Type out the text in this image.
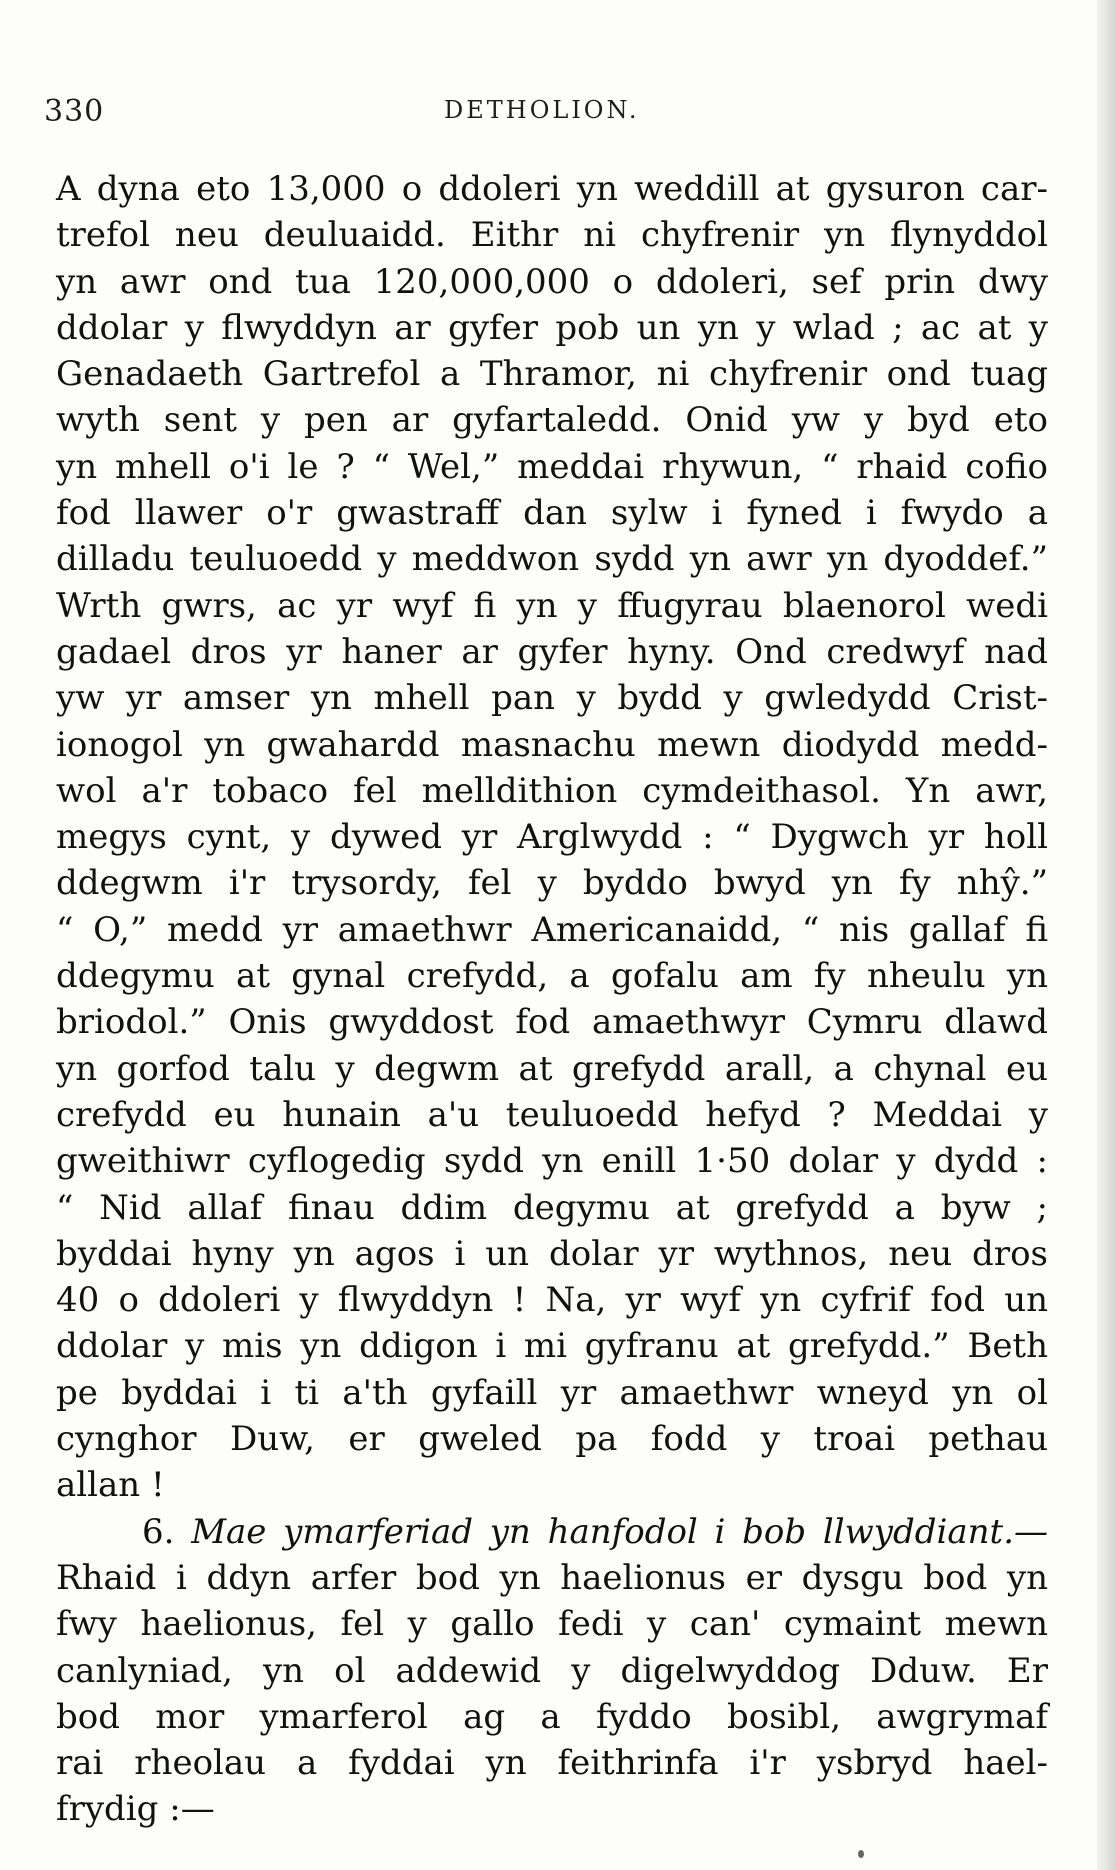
330	DETHOLION.
A dyna eto 13,000 o ddoleri yn weddill at gysuron car-
trefol neu deuluaidd. Eithr ni chyfrenir yn flynyddol
yn awr ond tua 120,000,000 o ddoleri, sef prin dwy
ddolar y flwyddyn ar gyfer pob un yn y wlad ; ac at y
Genadaeth Gartrefol a Thramor, ni chyfrenir ond tuag
wyth sent y pen ar gyfartaledd. Onid yw y byd eto
yn mhell o'i le ? “ Wel,” meddai rhywun, “ rhaid cofio
fod llawer o'r gwastraff dan sylw i fyned i fwydo a
dilladu teuluoedd y meddwon sydd yn awr yn dyoddef.”
Wrth gwrs, ac yr wyf fi yn y ffugyrau blaenorol wedi
gadael dros yr haner ar gyfer hyny. Ond credwyf nad
yw yr amser yn mhell pan y bydd y gwledydd Crist-
ionogol yn gwahardd masnachu mewn diodydd medd-
wol a'r tobaco fel melldithion cymdeithasol. Yn awr,
megys cynt, y dywed yr Arglwydd : “ Dygwch yr holl
ddegwm i'r trysordy, fel y byddo bwyd yn fy nhŷ.”
“ O,” medd yr amaethwr Americanaidd, “ nis gallaf fi
ddegymu at gynal crefydd, a gofalu am fy nheulu yn
briodol.” Onis gwyddost fod amaethwyr Cymru dlawd
yn gorfod talu y degwm at grefydd arall, a chynal eu
crefydd eu hunain a'u teuluoedd hefyd ? Meddai y
gweithiwr cyflogedig sydd yn enill 1·50 dolar y dydd :
“ Nid allaf finau ddim degymu at grefydd a byw ;
byddai hyny yn agos i un dolar yr wythnos, neu dros
40 o ddoleri y flwyddyn ! Na, yr wyf yn cyfrif fod un
ddolar y mis yn ddigon i mi gyfranu at grefydd.” Beth
pe byddai i ti a'th gyfaill yr amaethwr wneyd yn ol
cynghor Duw, er gweled pa fodd y troai pethau
allan !
6. Mae ymarferiad yn hanfodol i bob llwyddiant.—
Rhaid i ddyn arfer bod yn haelionus er dysgu bod yn
fwy haelionus, fel y gallo fedi y can' cymaint mewn
canlyniad, yn ol addewid y digelwyddog Dduw. Er
bod mor ymarferol ag a fyddo bosibl, awgrymaf
rai rheolau a fyddai yn feithrinfa i'r ysbryd hael-
frydig :—
